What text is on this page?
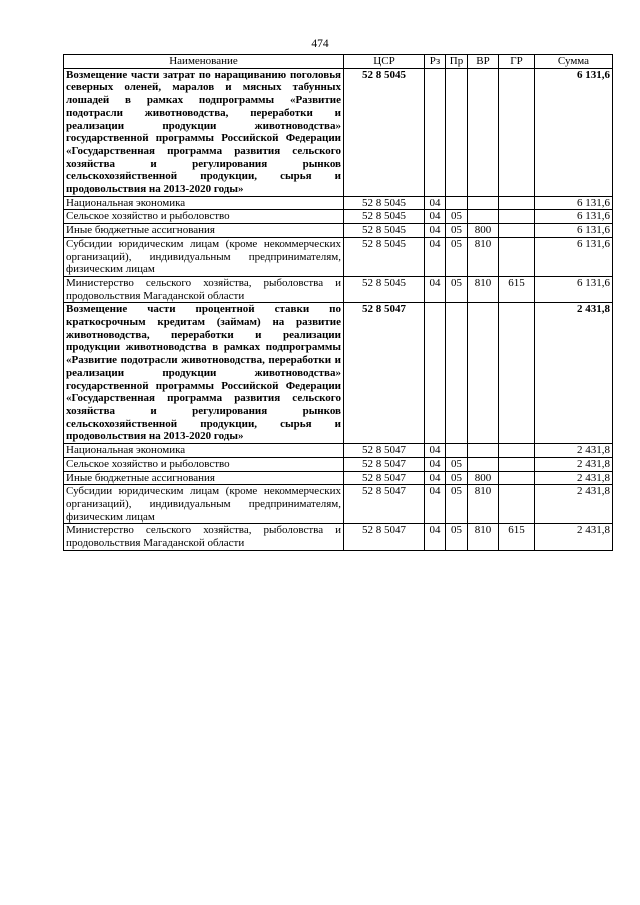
474
Наименование	ЦСР	Рз	Пр	ВР	ГР	Сумма
Возмещение части затрат по наращиванию поголовья северных оленей, маралов и мясных табунных лошадей в рамках подпрограммы «Развитие подотрасли животноводства, переработки и реализации продукции животноводства» государственной программы Российской Федерации «Государственная программа развития сельского хозяйства и регулирования рынков сельскохозяйственной продукции, сырья и продовольствия на 2013-2020 годы»	52 8 5045					6 131,6
Национальная экономика	52 8 5045	04				6 131,6
Сельское хозяйство и рыболовство	52 8 5045	04	05			6 131,6
Иные бюджетные ассигнования	52 8 5045	04	05	800		6 131,6
Субсидии юридическим лицам (кроме некоммерческих организаций), индивидуальным предпринимателям, физическим лицам	52 8 5045	04	05	810		6 131,6
Министерство сельского хозяйства, рыболовства и продовольствия Магаданской области	52 8 5045	04	05	810	615	6 131,6
Возмещение части процентной ставки по краткосрочным кредитам (займам) на развитие животноводства, переработки и реализации продукции животноводства в рамках подпрограммы «Развитие подотрасли животноводства, переработки и реализации продукции животноводства» государственной программы Российской Федерации «Государственная программа развития сельского хозяйства и регулирования рынков сельскохозяйственной продукции, сырья и продовольствия на 2013-2020 годы»	52 8 5047					2 431,8
Национальная экономика	52 8 5047	04				2 431,8
Сельское хозяйство и рыболовство	52 8 5047	04	05			2 431,8
Иные бюджетные ассигнования	52 8 5047	04	05	800		2 431,8
Субсидии юридическим лицам (кроме некоммерческих организаций), индивидуальным предпринимателям, физическим лицам	52 8 5047	04	05	810		2 431,8
Министерство сельского хозяйства, рыболовства и продовольствия Магаданской области	52 8 5047	04	05	810	615	2 431,8
